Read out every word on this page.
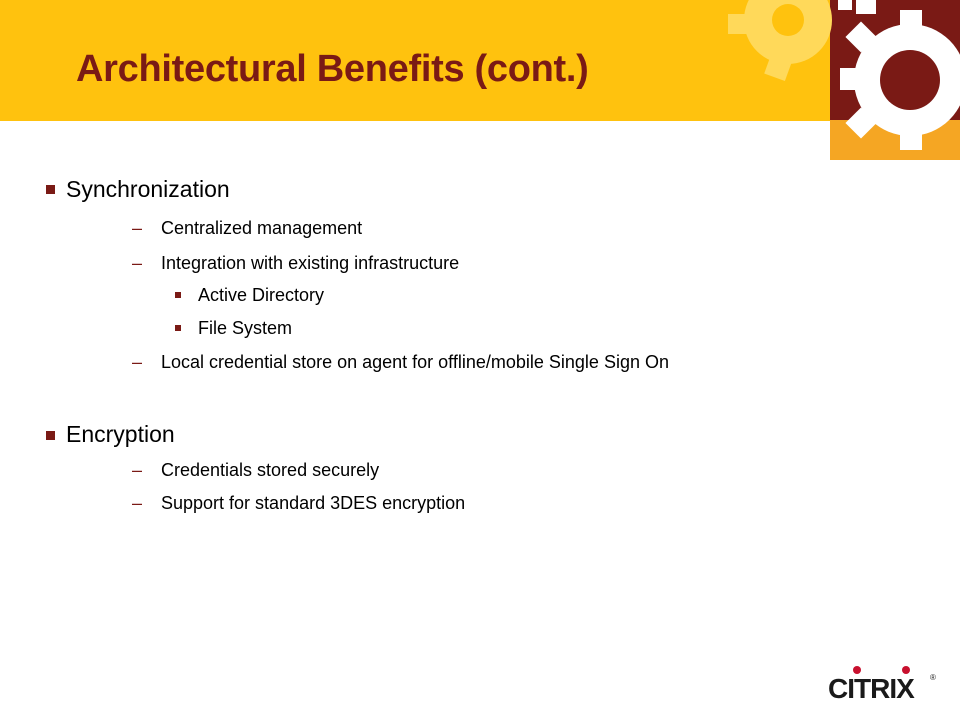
Architectural Benefits (cont.)
Synchronization
– Centralized management
– Integration with existing infrastructure
Active Directory
File System
– Local credential store on agent for offline/mobile Single Sign On
Encryption
– Credentials stored securely
– Support for standard 3DES encryption
CITRIX ®
